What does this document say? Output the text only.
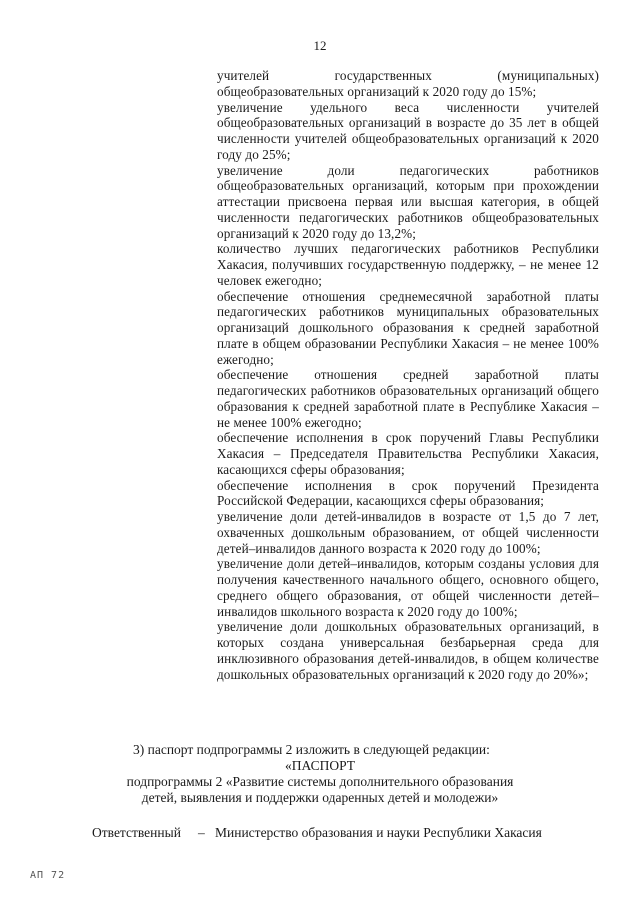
12

учителей государственных (муниципальных) общеобразовательных организаций к 2020 году до 15%;

увеличение удельного веса численности учителей общеобразовательных организаций в возрасте до 35 лет в общей численности учителей общеобразовательных организаций к 2020 году до 25%;

увеличение доли педагогических работников общеобразовательных организаций, которым при прохождении аттестации присвоена первая или высшая категория, в общей численности педагогических работников общеобразовательных организаций к 2020 году до 13,2%;

количество лучших педагогических работников Республики Хакасия, получивших государственную поддержку, – не менее 12 человек ежегодно;

обеспечение отношения среднемесячной заработной платы педагогических работников муниципальных образовательных организаций дошкольного образования к средней заработной плате в общем образовании Республики Хакасия – не менее 100% ежегодно;

обеспечение отношения средней заработной платы педагогических работников образовательных организаций общего образования к средней заработной плате в Республике Хакасия – не менее 100% ежегодно;

обеспечение исполнения в срок поручений Главы Республики Хакасия – Председателя Правительства Республики Хакасия, касающихся сферы образования;

обеспечение исполнения в срок поручений Президента Российской Федерации, касающихся сферы образования;

увеличение доли детей-инвалидов в возрасте от 1,5 до 7 лет, охваченных дошкольным образованием, от общей численности детей–инвалидов данного возраста к 2020 году до 100%;

увеличение доли детей–инвалидов, которым созданы условия для получения качественного начального общего, основного общего, среднего общего образования, от общей численности детей–инвалидов школьного возраста к 2020 году до 100%;

увеличение доли дошкольных образовательных организаций, в которых создана универсальная безбарьерная среда для инклюзивного образования детей-инвалидов, в общем количестве дошкольных образовательных организаций к 2020 году до 20%»;

3) паспорт подпрограммы 2 изложить в следующей редакции:
«ПАСПОРТ
подпрограммы 2 «Развитие системы дополнительного образования
детей, выявления и поддержки одаренных детей и молодежи»
Ответственный – Министерство образования и науки Республики Хакасия
АП 72
